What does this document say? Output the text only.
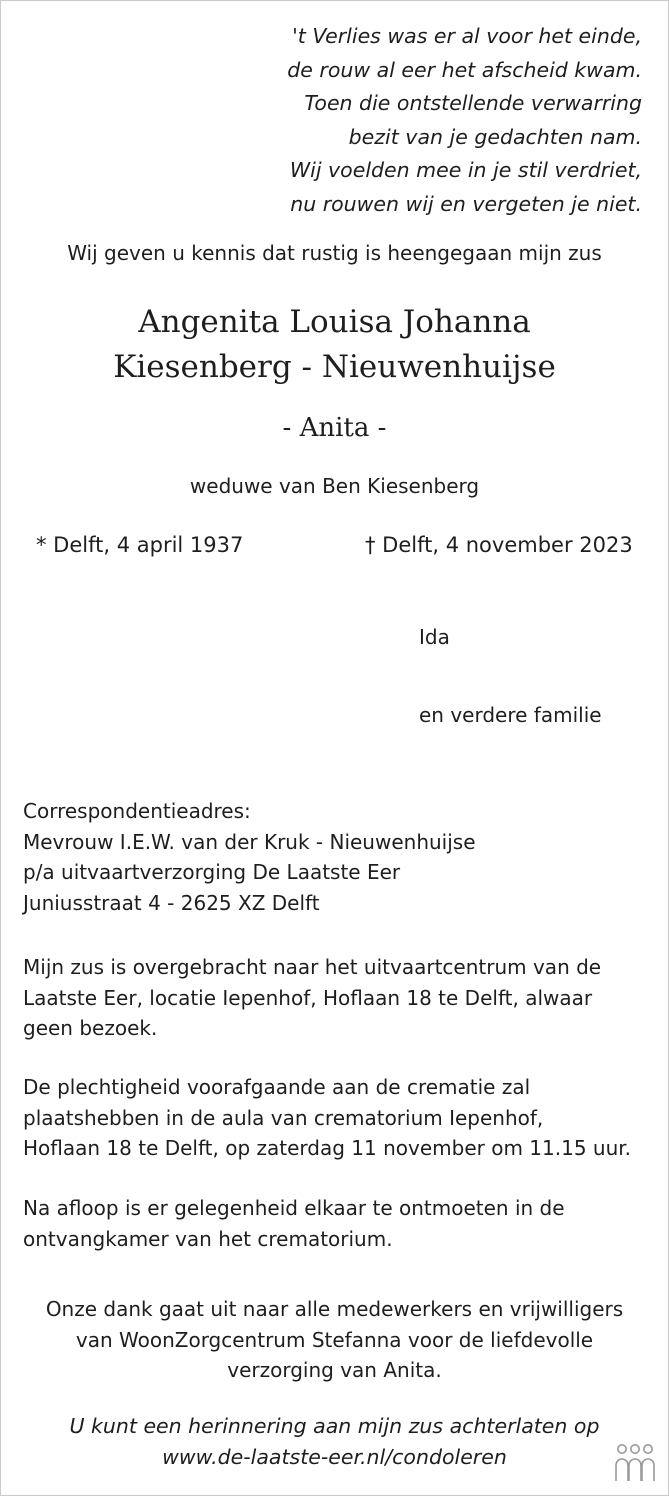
't Verlies was er al voor het einde,
de rouw al eer het afscheid kwam.
Toen die ontstellende verwarring
bezit van je gedachten nam.
Wij voelden mee in je stil verdriet,
nu rouwen wij en vergeten je niet.
Wij geven u kennis dat rustig is heengegaan mijn zus
Angenita Louisa Johanna
Kiesenberg - Nieuwenhuijse
- Anita -
weduwe van Ben Kiesenberg
* Delft, 4 april 1937	† Delft, 4 november 2023
Ida
en verdere familie
Correspondentieadres:
Mevrouw I.E.W. van der Kruk - Nieuwenhuijse
p/a uitvaartverzorging De Laatste Eer
Juniusstraat 4 - 2625 XZ Delft
Mijn zus is overgebracht naar het uitvaartcentrum van de
Laatste Eer, locatie Iepenhof, Hoflaan 18 te Delft, alwaar
geen bezoek.
De plechtigheid voorafgaande aan de crematie zal
plaatshebben in de aula van crematorium Iepenhof,
Hoflaan 18 te Delft, op zaterdag 11 november om 11.15 uur.
Na afloop is er gelegenheid elkaar te ontmoeten in de
ontvangkamer van het crematorium.
Onze dank gaat uit naar alle medewerkers en vrijwilligers
van WoonZorgcentrum Stefanna voor de liefdevolle
verzorging van Anita.
U kunt een herinnering aan mijn zus achterlaten op
www.de-laatste-eer.nl/condoleren
